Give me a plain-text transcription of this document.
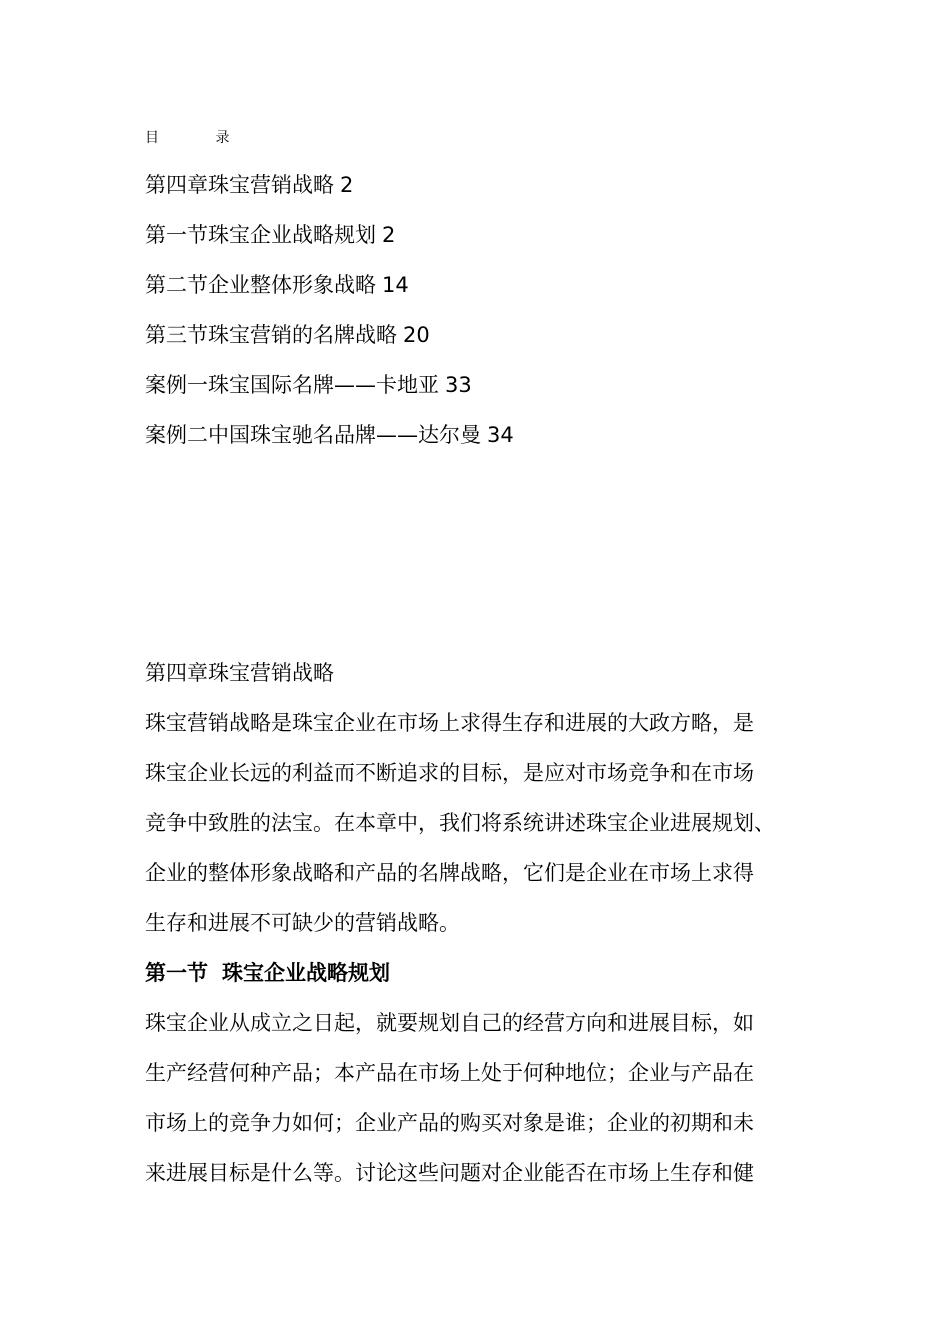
目 录
第四章珠宝营销战略 2
第一节珠宝企业战略规划 2
第二节企业整体形象战略 14
第三节珠宝营销的名牌战略 20
案例一珠宝国际名牌——卡地亚 33
案例二中国珠宝驰名品牌——达尔曼 34
第四章珠宝营销战略
珠宝营销战略是珠宝企业在市场上求得生存和进展的大政方略，是
珠宝企业长远的利益而不断追求的目标，是应对市场竞争和在市场
竞争中致胜的法宝。在本章中，我们将系统讲述珠宝企业进展规划、
企业的整体形象战略和产品的名牌战略，它们是企业在市场上求得
生存和进展不可缺少的营销战略。
第一节 珠宝企业战略规划
珠宝企业从成立之日起，就要规划自己的经营方向和进展目标，如
生产经营何种产品；本产品在市场上处于何种地位；企业与产品在
市场上的竞争力如何；企业产品的购买对象是谁；企业的初期和未
来进展目标是什么等。讨论这些问题对企业能否在市场上生存和健
